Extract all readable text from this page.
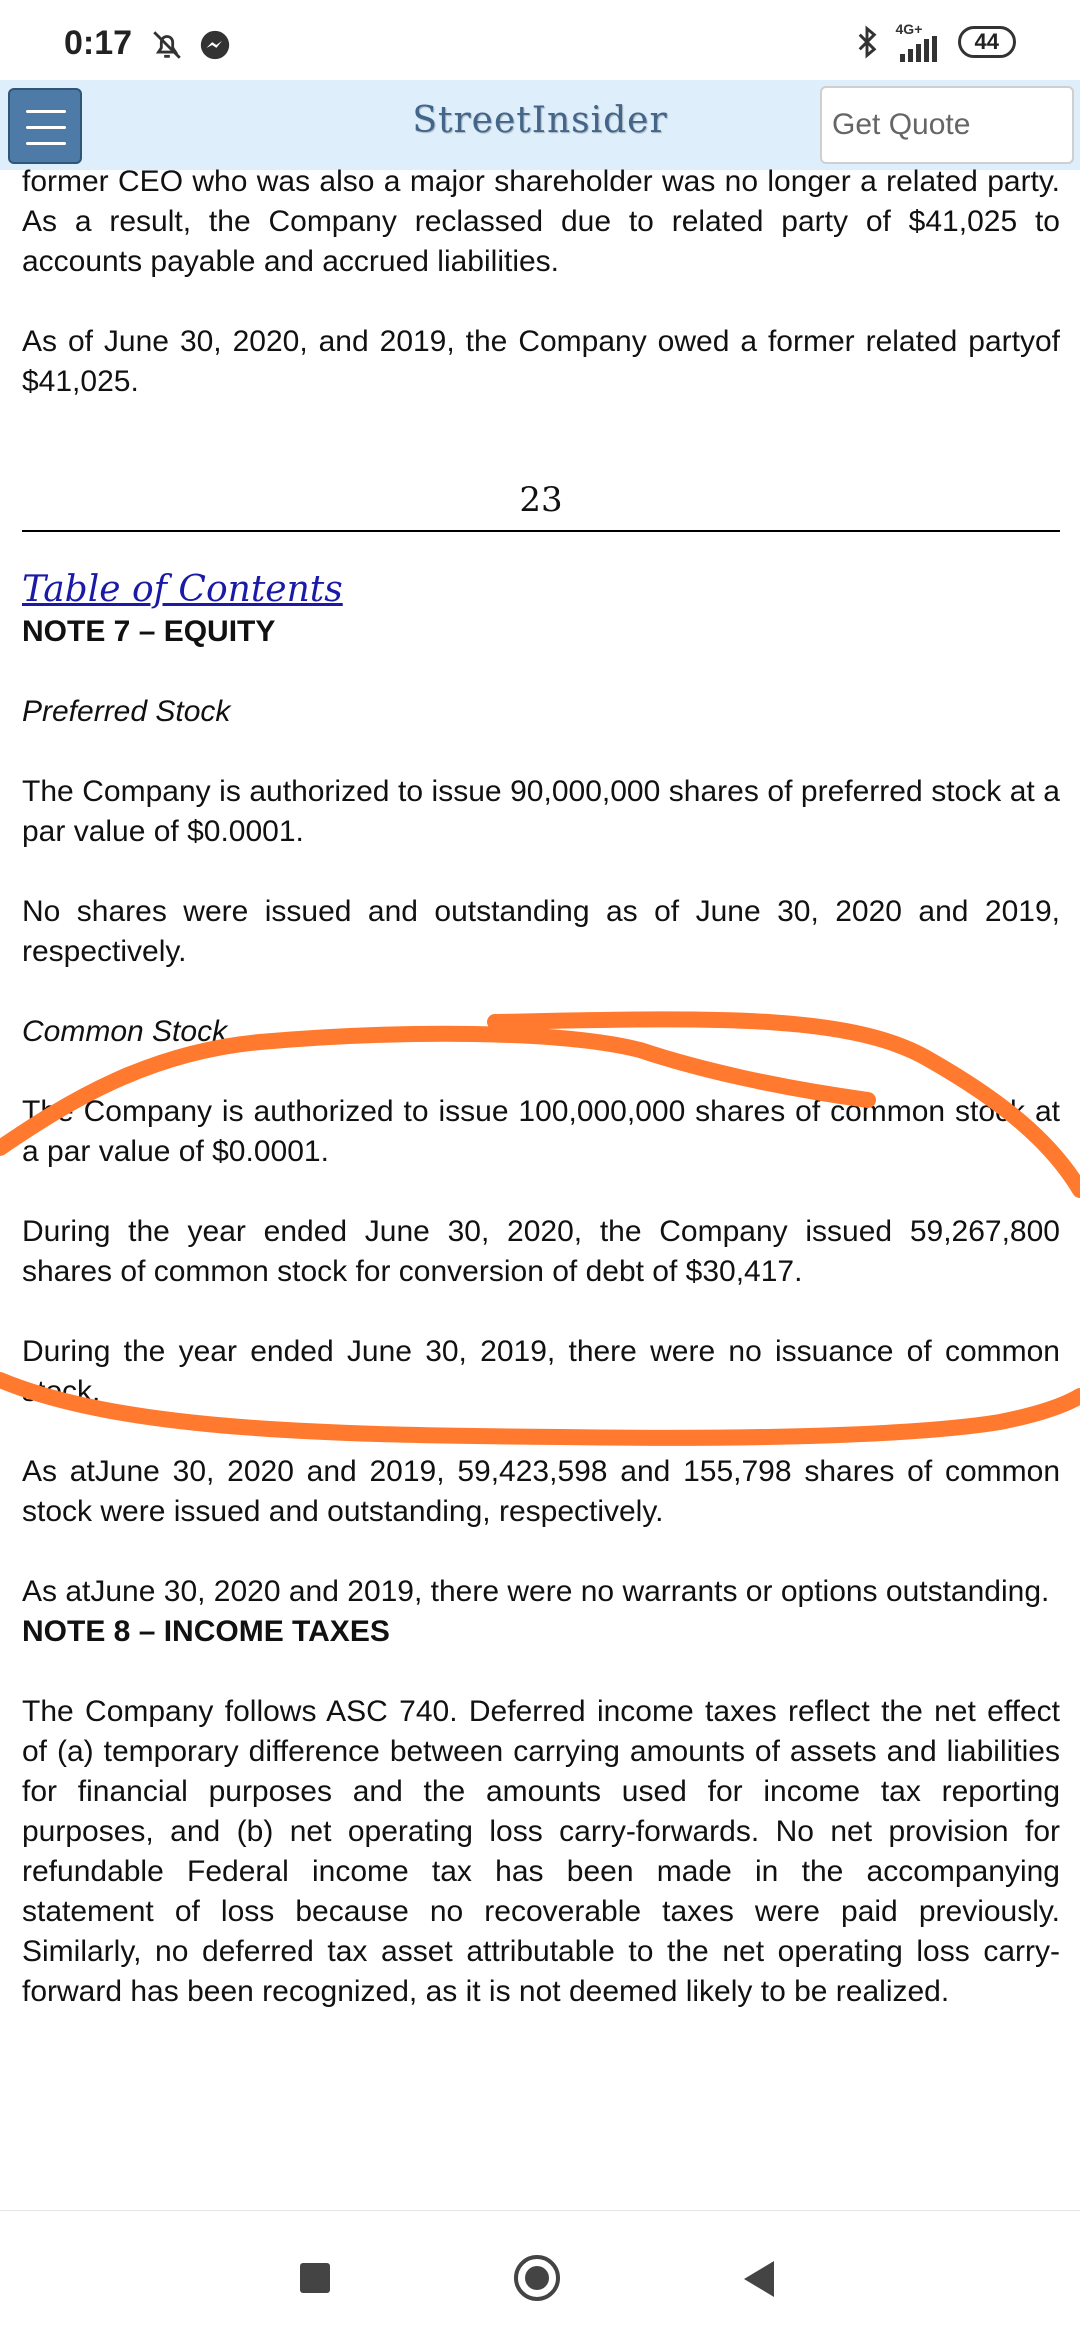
0:17	4G+	44
StreetInsider
Get Quote

former CEO who was also a major shareholder was no longer a related party. As a result, the Company reclassed due to related party of $41,025 to accounts payable and accrued liabilities.

As of June 30, 2020, and 2019, the Company owed a former related partyof $41,025.

23
Table of Contents

NOTE 7 – EQUITY

Preferred Stock

The Company is authorized to issue 90,000,000 shares of preferred stock at a par value of $0.0001.

No shares were issued and outstanding as of June 30, 2020 and 2019, respectively.

Common Stock

The Company is authorized to issue 100,000,000 shares of common stock at a par value of $0.0001.

During the year ended June 30, 2020, the Company issued 59,267,800 shares of common stock for conversion of debt of $30,417.

During the year ended June 30, 2019, there were no issuance of common stock.

As atJune 30, 2020 and 2019, 59,423,598 and 155,798 shares of common stock were issued and outstanding, respectively.

As atJune 30, 2020 and 2019, there were no warrants or options outstanding.

NOTE 8 – INCOME TAXES

The Company follows ASC 740. Deferred income taxes reflect the net effect of (a) temporary difference between carrying amounts of assets and liabilities for financial purposes and the amounts used for income tax reporting purposes, and (b) net operating loss carry-forwards. No net provision for refundable Federal income tax has been made in the accompanying statement of loss because no recoverable taxes were paid previously. Similarly, no deferred tax asset attributable to the net operating loss carry-forward has been recognized, as it is not deemed likely to be realized.
